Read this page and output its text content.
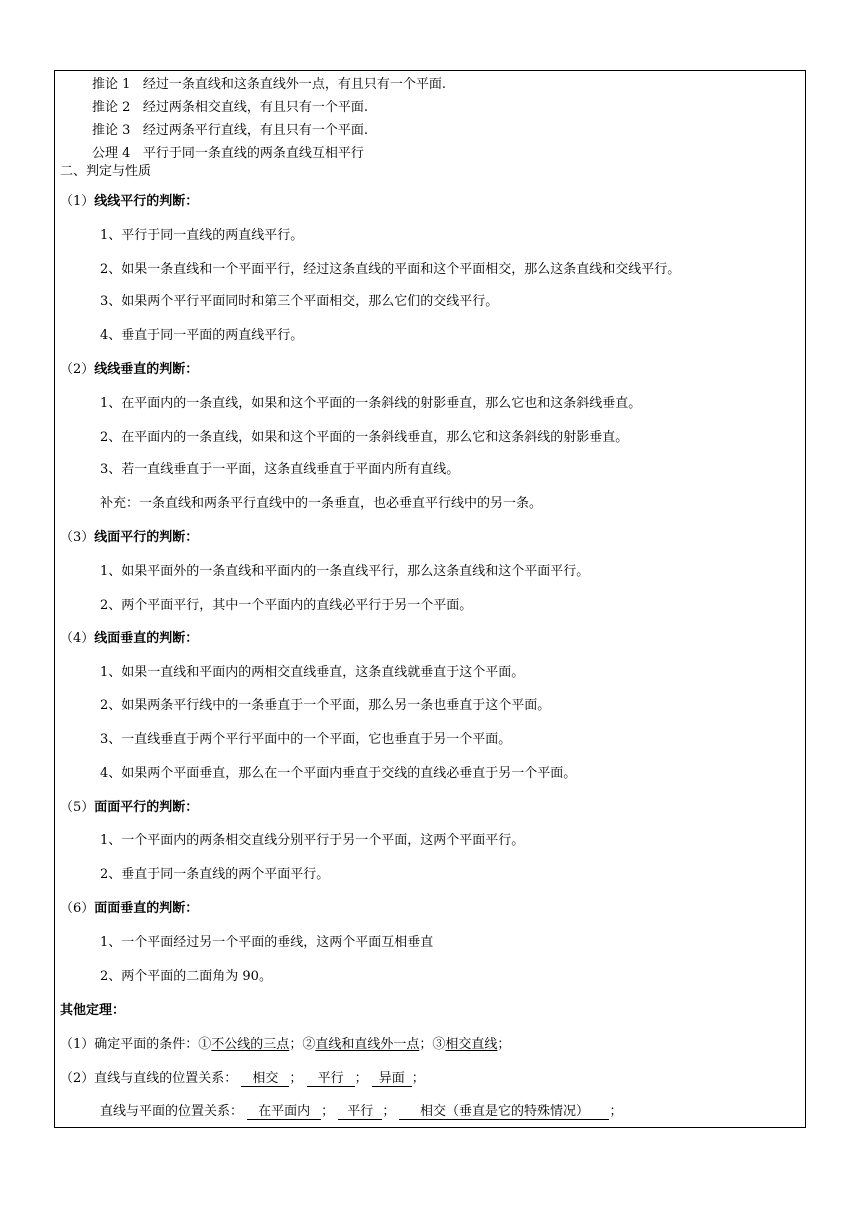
推论 1 经过一条直线和这条直线外一点，有且只有一个平面.
推论 2 经过两条相交直线，有且只有一个平面.
推论 3 经过两条平行直线，有且只有一个平面.
公理 4 平行于同一条直线的两条直线互相平行
二、判定与性质
（1）线线平行的判断：
1、平行于同一直线的两直线平行。
2、如果一条直线和一个平面平行，经过这条直线的平面和这个平面相交，那么这条直线和交线平行。
3、如果两个平行平面同时和第三个平面相交，那么它们的交线平行。
4、垂直于同一平面的两直线平行。
（2）线线垂直的判断：
1、在平面内的一条直线，如果和这个平面的一条斜线的射影垂直，那么它也和这条斜线垂直。
2、在平面内的一条直线，如果和这个平面的一条斜线垂直，那么它和这条斜线的射影垂直。
3、若一直线垂直于一平面，这条直线垂直于平面内所有直线。
补充：一条直线和两条平行直线中的一条垂直，也必垂直平行线中的另一条。
（3）线面平行的判断：
1、如果平面外的一条直线和平面内的一条直线平行，那么这条直线和这个平面平行。
2、两个平面平行，其中一个平面内的直线必平行于另一个平面。
（4）线面垂直的判断：
1、如果一直线和平面内的两相交直线垂直，这条直线就垂直于这个平面。
2、如果两条平行线中的一条垂直于一个平面，那么另一条也垂直于这个平面。
3、一直线垂直于两个平行平面中的一个平面，它也垂直于另一个平面。
4、如果两个平面垂直，那么在一个平面内垂直于交线的直线必垂直于另一个平面。
（5）面面平行的判断：
1、一个平面内的两条相交直线分别平行于另一个平面，这两个平面平行。
2、垂直于同一条直线的两个平面平行。
（6）面面垂直的判断：
1、一个平面经过另一个平面的垂线，这两个平面互相垂直
2、两个平面的二面角为 90。
其他定理：
（1）确定平面的条件：①不公线的三点；②直线和直线外一点；③相交直线；
（2）直线与直线的位置关系： 相交 ； 平行 ； 异面 ；
直线与平面的位置关系： 在平面内 ； 平行 ； 相交（垂直是它的特殊情况） ；
